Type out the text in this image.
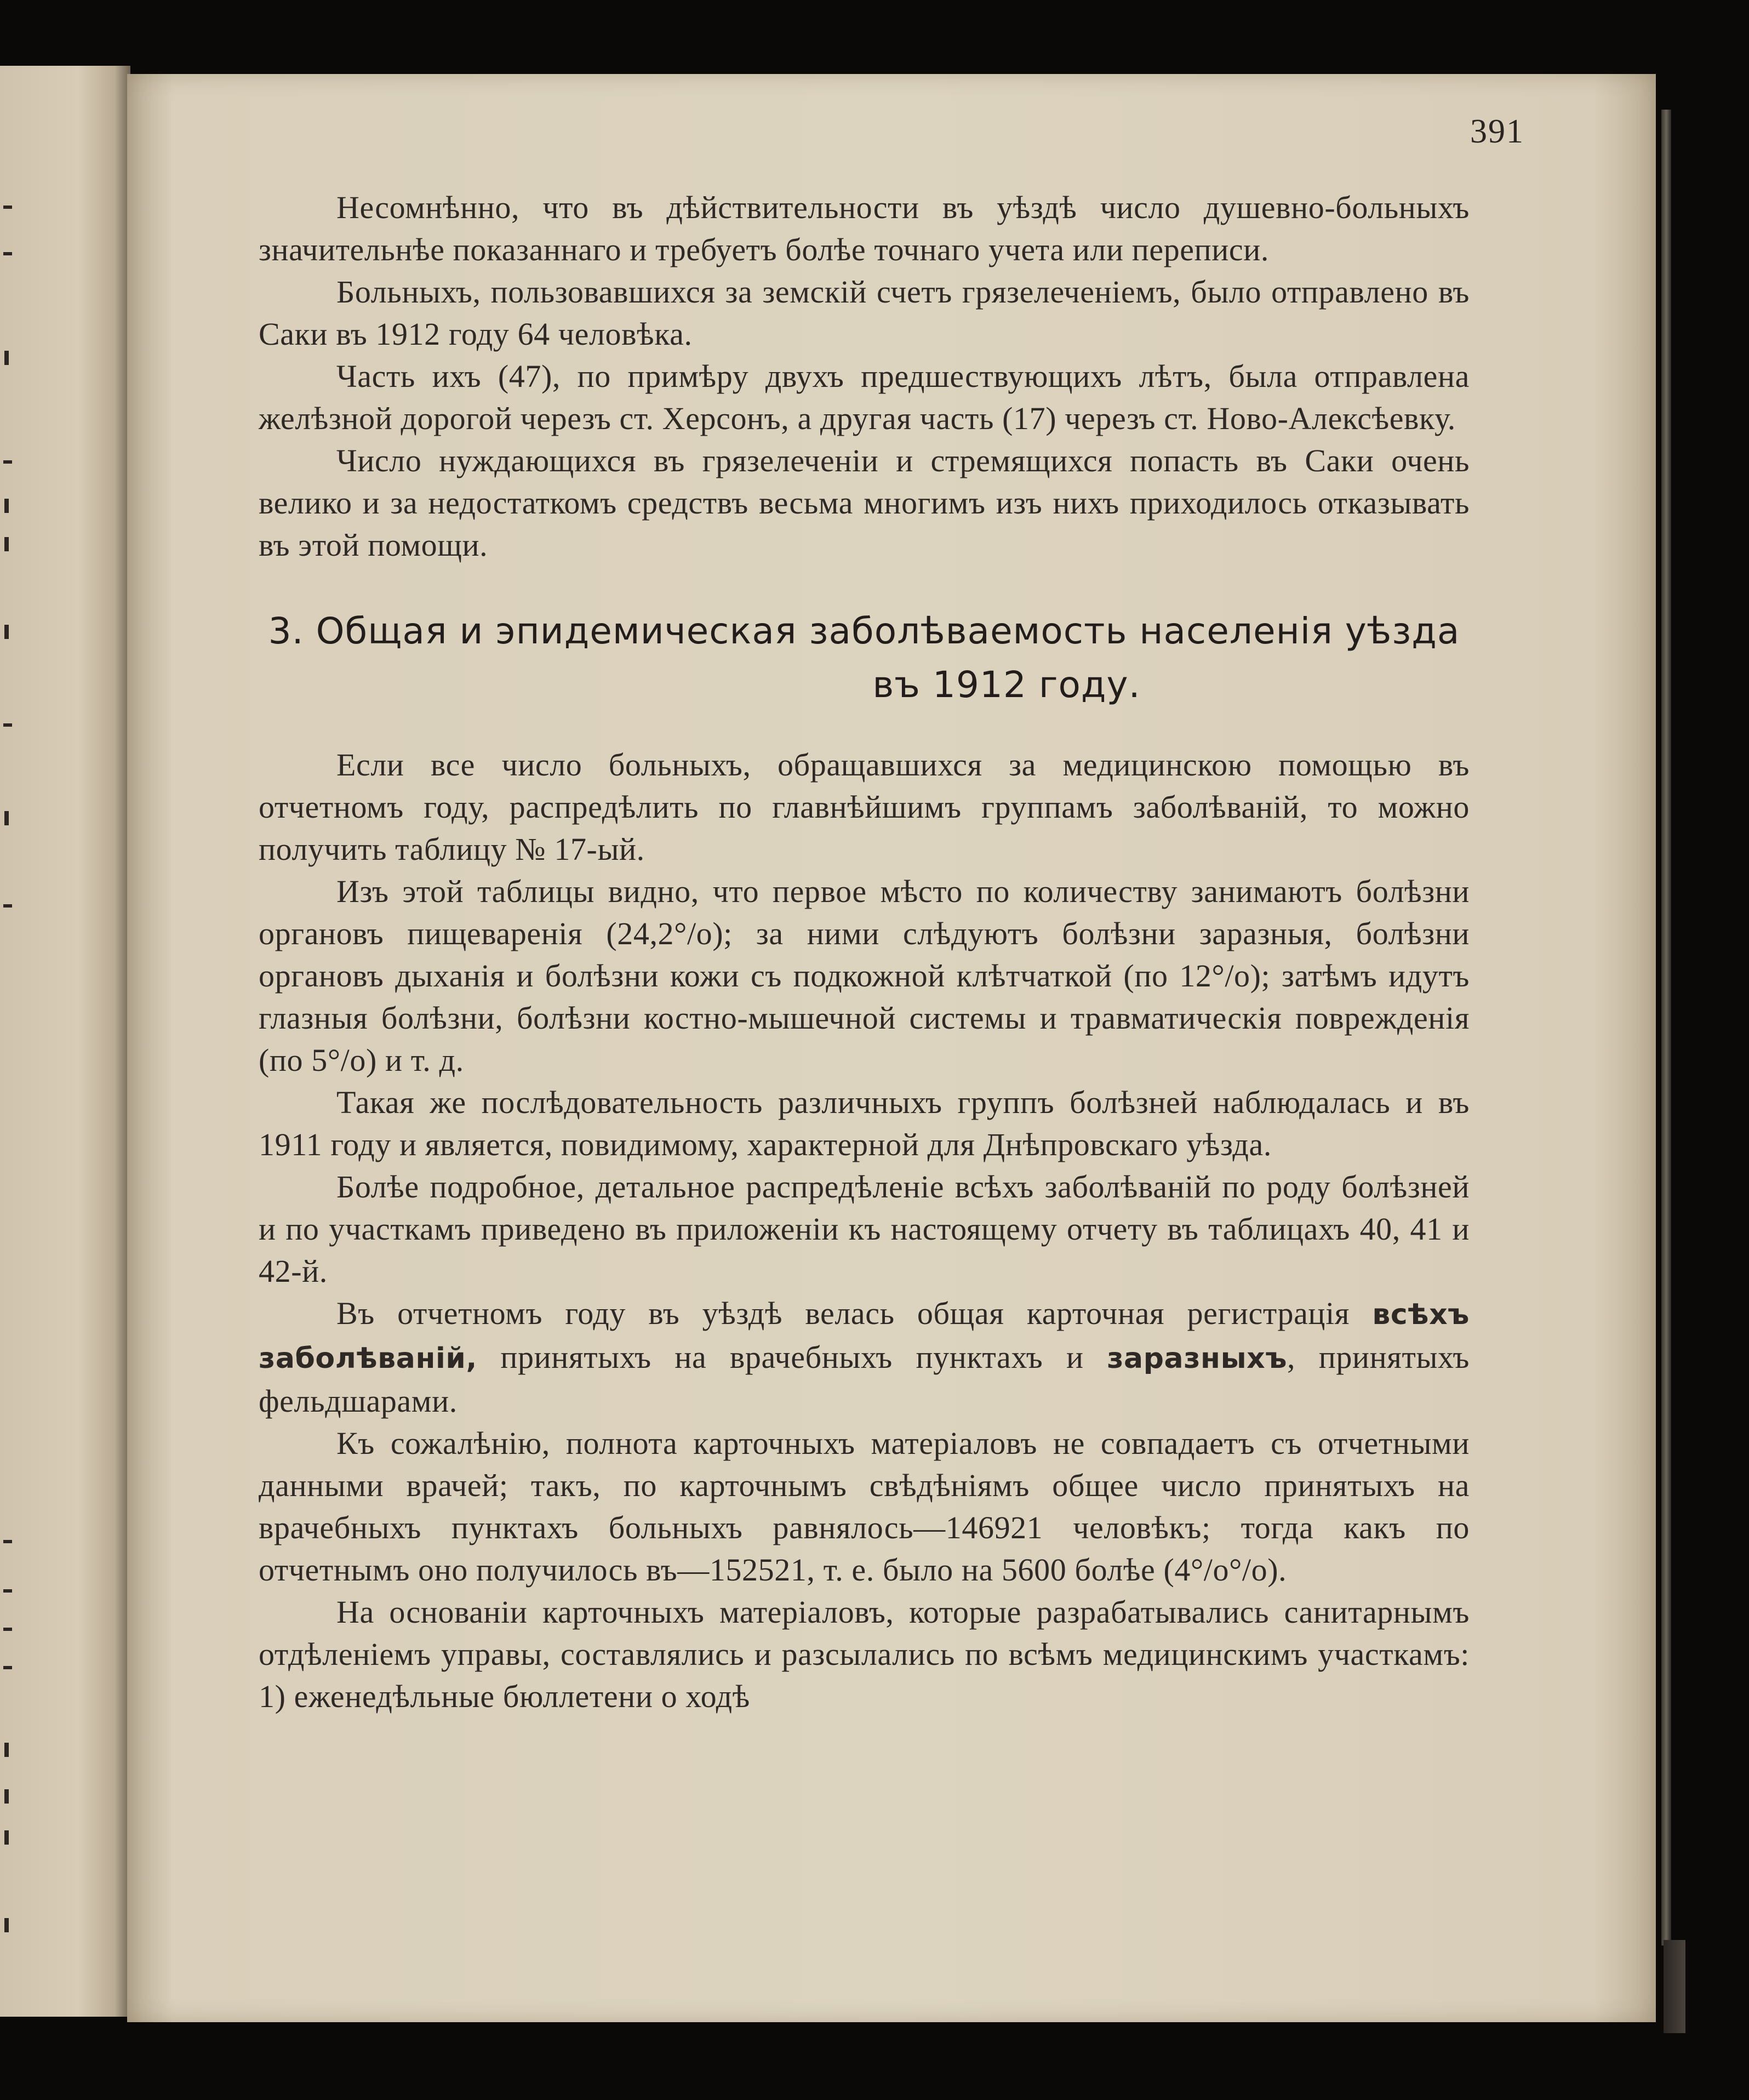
391

Несомнѣнно, что въ дѣйствительности въ уѣздѣ число душевно-больныхъ значительнѣе показаннаго и требуетъ болѣе точнаго учета или переписи.

Больныхъ, пользовавшихся за земскій счетъ грязелеченіемъ, было отправлено въ Саки въ 1912 году 64 человѣка.

Часть ихъ (47), по примѣру двухъ предшествующихъ лѣтъ, была отправлена желѣзной дорогой черезъ ст. Херсонъ, а другая часть (17) черезъ ст. Ново-Алексѣевку.

Число нуждающихся въ грязелеченіи и стремящихся попасть въ Саки очень велико и за недостаткомъ средствъ весьма многимъ изъ нихъ приходилось отказывать въ этой помощи.

3. Общая и эпидемическая заболѣваемость населенія уѣзда
въ 1912 году.

Если все число больныхъ, обращавшихся за медицинскою помощью въ отчетномъ году, распредѣлить по главнѣйшимъ группамъ заболѣваній, то можно получить таблицу № 17-ый.

Изъ этой таблицы видно, что первое мѣсто по количеству занимаютъ болѣзни органовъ пищеваренія (24,2°/o); за ними слѣдуютъ болѣзни заразныя, болѣзни органовъ дыханія и болѣзни кожи съ подкожной клѣтчаткой (по 12°/o); затѣмъ идутъ глазныя болѣзни, болѣзни костно-мышечной системы и травматическія поврежденія (по 5°/o) и т. д.

Такая же послѣдовательность различныхъ группъ болѣзней наблюдалась и въ 1911 году и является, повидимому, характерной для Днѣпровскаго уѣзда.

Болѣе подробное, детальное распредѣленіе всѣхъ заболѣваній по роду болѣзней и по участкамъ приведено въ приложеніи къ настоящему отчету въ таблицахъ 40, 41 и 42-й.

Въ отчетномъ году въ уѣздѣ велась общая карточная регистрація всѣхъ заболѣваній, принятыхъ на врачебныхъ пунктахъ и заразныхъ, принятыхъ фельдшарами.

Къ сожалѣнію, полнота карточныхъ матеріаловъ не совпадаетъ съ отчетными данными врачей; такъ, по карточнымъ свѣдѣніямъ общее число принятыхъ на врачебныхъ пунктахъ больныхъ равнялось—146921 человѣкъ; тогда какъ по отчетнымъ оно получилось въ—152521, т. е. было на 5600 болѣе (4°/o°/o).

На основаніи карточныхъ матеріаловъ, которые разрабатывались санитарнымъ отдѣленіемъ управы, составлялись и разсылались по всѣмъ медицинскимъ участкамъ: 1) еженедѣльные бюллетени о ходѣ
